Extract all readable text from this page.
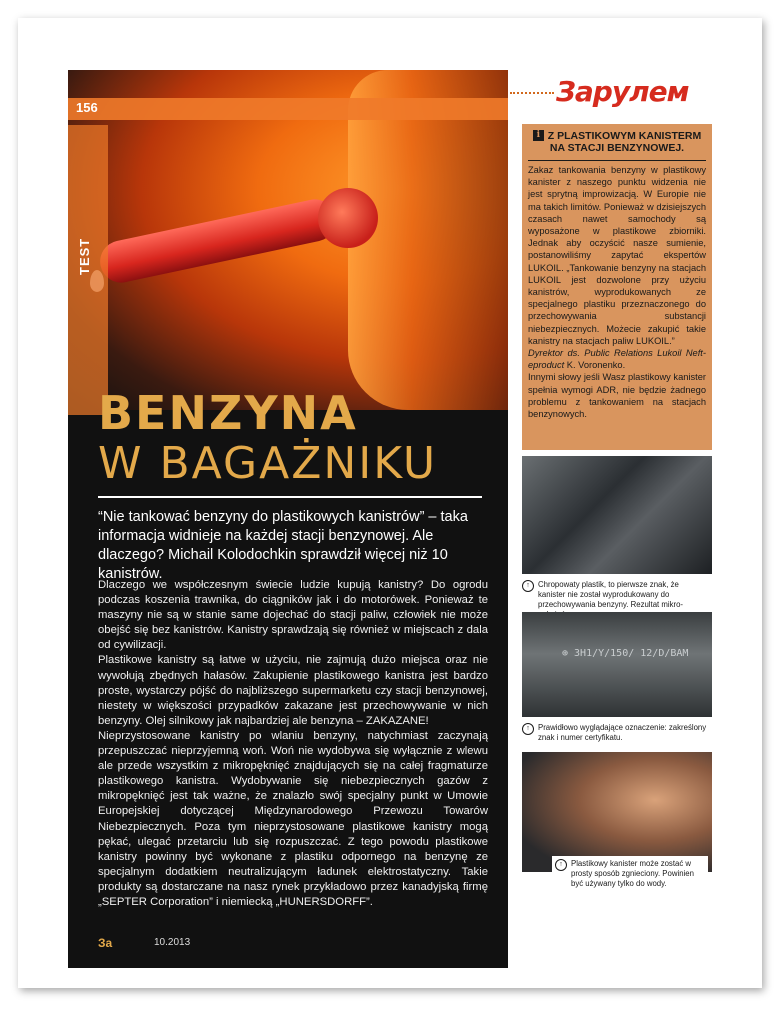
156
TEST
BENZYNA
W BAGAŻNIKU
“Nie tankować benzyny do plastikowych kanistrów” – taka informacja widnieje na każdej stacji benzynowej. Ale dlaczego? Michail Kolodochkin sprawdził więcej niż 10 kanistrów.

Dlaczego we współczesnym świecie ludzie kupują kanistry? Do ogrodu podczas koszenia trawnika, do ciągników jak i do motorówek. Ponieważ te maszyny nie są w stanie same dojechać do stacji paliw, człowiek nie może obejść się bez kanistrów. Kanistry sprawdzają się również w miejscach z dala od cywilizacji.

Plastikowe kanistry są łatwe w użyciu, nie zajmują dużo miejsca oraz nie wywołują zbędnych hałasów. Zakupienie plastikowego kanistra jest bardzo proste, wystarczy pójść do najbliższego supermarketu czy stacji benzynowej, niestety w większości przypadków zakazane jest przechowywanie w nich benzyny. Olej silnikowy jak najbardziej ale benzyna – ZAKAZANE!

Nieprzystosowane kanistry po wlaniu benzyny, natychmiast zaczynają przepuszczać nieprzyjemną woń. Woń nie wydobywa się wyłącznie z wlewu ale przede wszystkim z mikropęknięć znajdujących się na całej fragmaturze plastikowego kanistra. Wydobywanie się niebezpiecznych gazów z mikropęknięć jest tak ważne, że znalazło swój specjalny punkt w Umowie Europejskiej dotyczącej Międzynarodowego Przewozu Towarów Niebezpiecznych. Poza tym nieprzystosowane plastikowe kanistry mogą pękać, ulegać przetarciu lub się rozpuszczać. Z tego powodu plastikowe kanistry powinny być wykonane z plastiku odpornego na benzynę ze specjalnym dodatkiem neutralizującym ładunek elektrostatyczny. Takie produkty są dostarczane na nasz rynek przykładowo przez kanadyjską firmę „SEPTER Corporation” i niemiecką „HUNERSDORFF”.

За	10.2013
Зарулем
i Z PLASTIKOWYM KANISTERM NA STACJI BENZYNOWEJ.

Zakaz tankowania benzyny w plastikowy kanister z naszego punktu widzenia nie jest sprytną improwizacją. W Europie nie ma takich limitów. Ponieważ w dzisiejszych czasach nawet samochody są wyposażone w plastikowe zbiorniki. Jednak aby oczyścić nasze sumienie, postanowiliśmy zapytać ekspertów LUKOIL. „Tankowanie benzyny na stacjach LUKOIL jest dozwolone przy użyciu kanistrów, wyprodukowanych ze specjalnego plastiku przeznaczonego do przechowywania substancji niebezpiecznych. Możecie zakupić takie kanistry na stacjach paliw LUKOIL.”

Dyrektor ds. Public Relations Lukoil Neft-eproduct K. Voronenko.

Innymi słowy jeśli Wasz plastikowy kanister spełnia wymogi ADR, nie będzie żadnego problemu z tankowaniem na stacjach benzynowych.

↑	Chropowaty plastik, to pierwsze znak, że kanister nie został wyprodukowany do przechowywania benzyny. Rezultat mikro-
⊕ 3H1/Y/150/ 12/D/BAM
↑	Prawidłowo wyglądające oznaczenie: zakreślony znak i numer certyfikatu.
↑	Plastikowy kanister może zostać w prosty sposób zgnieciony. Powinien być używany tylko do wody.
